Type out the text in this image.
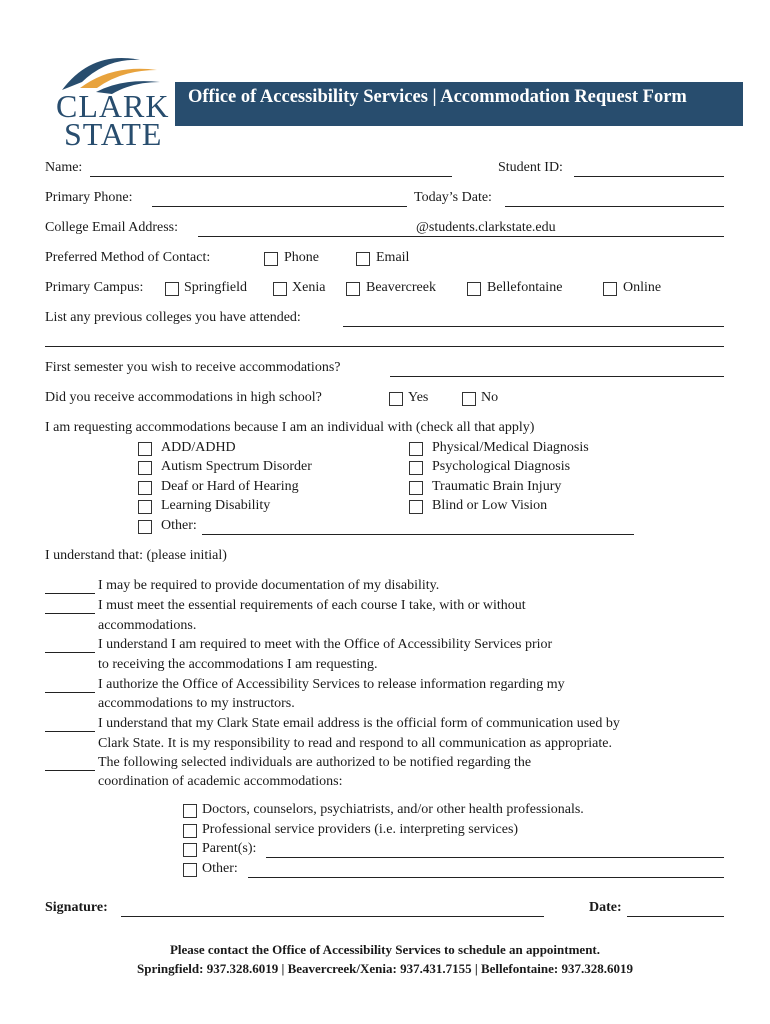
CLARK
STATE
Office of Accessibility Services | Accommodation Request Form
Name:	Student ID:
Primary Phone:	Today’s Date:
College Email Address:	@students.clarkstate.edu
Preferred Method of Contact:	Phone	Email
Primary Campus:	Springfield	Xenia	Beavercreek	Bellefontaine	Online
List any previous colleges you have attended:
First semester you wish to receive accommodations?
Did you receive accommodations in high school?	Yes	No
I am requesting accommodations because I am an individual with (check all that apply)
ADD/ADHD
Autism Spectrum Disorder
Deaf or Hard of Hearing
Learning Disability
Other:
Physical/Medical Diagnosis
Psychological Diagnosis
Traumatic Brain Injury
Blind or Low Vision
I understand that: (please initial)
I may be required to provide documentation of my disability.
I must meet the essential requirements of each course I take, with or without
accommodations.
I understand I am required to meet with the Office of Accessibility Services prior
to receiving the accommodations I am requesting.
I authorize the Office of Accessibility Services to release information regarding my
accommodations to my instructors.
I understand that my Clark State email address is the official form of communication used by
Clark State. It is my responsibility to read and respond to all communication as appropriate.
The following selected individuals are authorized to be notified regarding the
coordination of academic accommodations:
Doctors, counselors, psychiatrists, and/or other health professionals.
Professional service providers (i.e. interpreting services)
Parent(s):
Other:
Signature:	Date:
Please contact the Office of Accessibility Services to schedule an appointment.
Springfield: 937.328.6019 | Beavercreek/Xenia: 937.431.7155 | Bellefontaine: 937.328.6019
